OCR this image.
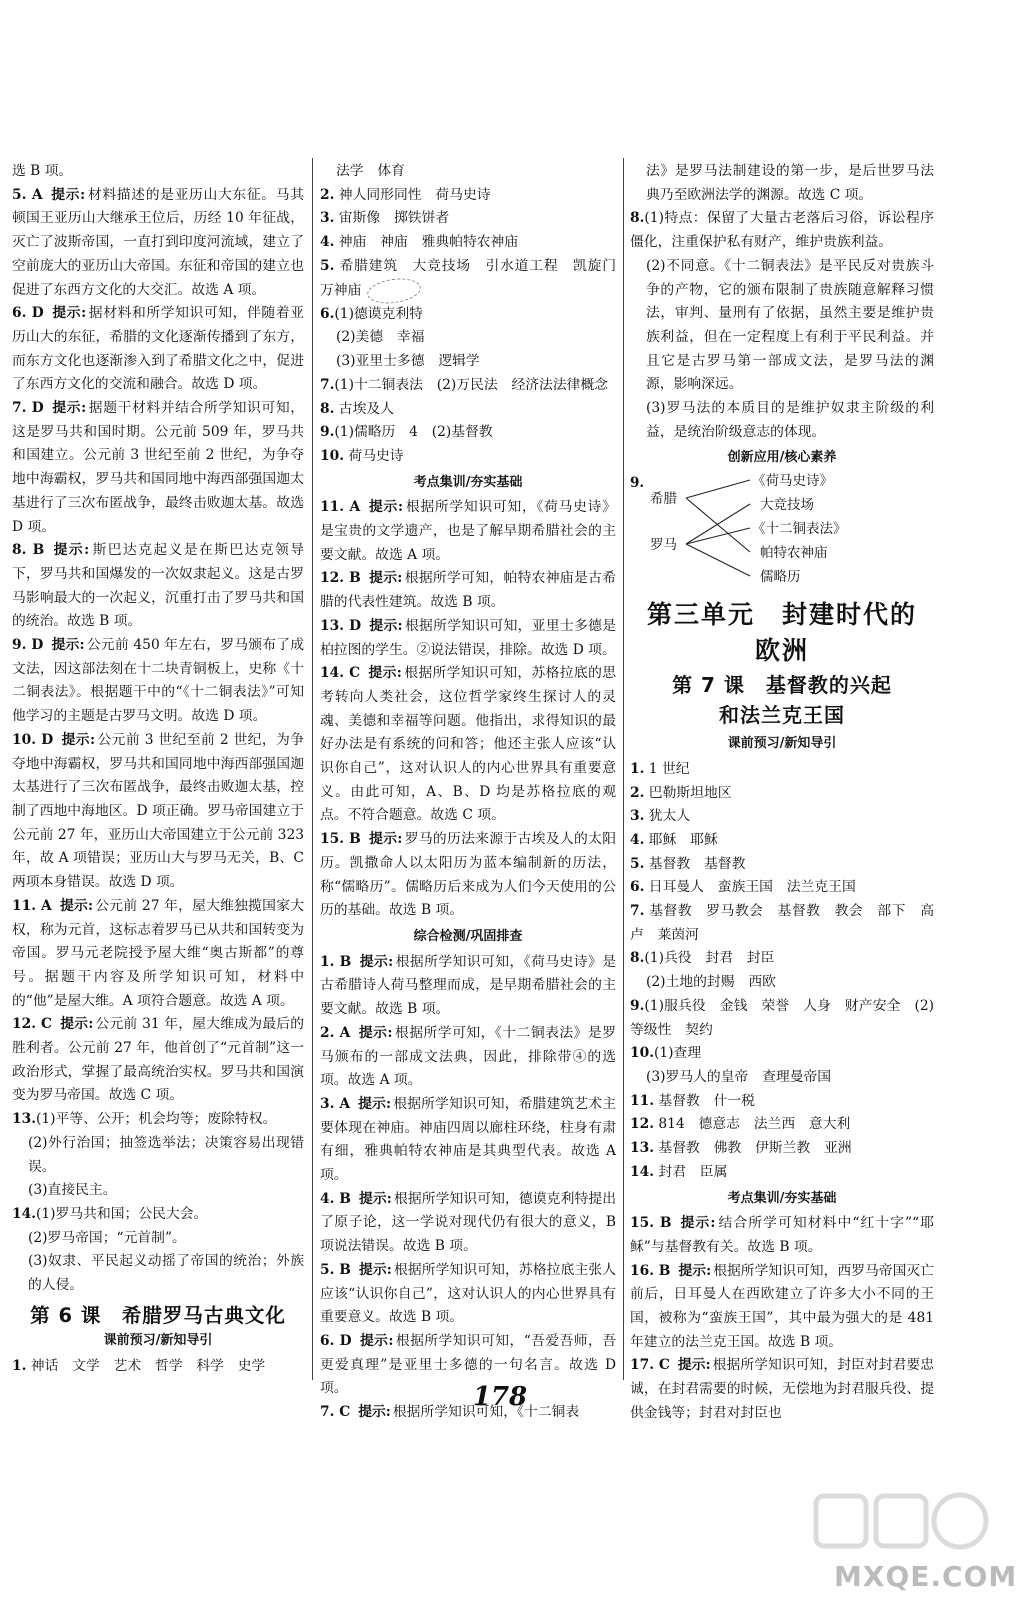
选 B 项。

5. A 提示: 材料描述的是亚历山大东征。马其顿国王亚历山大继承王位后，历经 10 年征战，灭亡了波斯帝国，一直打到印度河流域，建立了空前庞大的亚历山大帝国。东征和帝国的建立也促进了东西方文化的大交汇。故选 A 项。

6. D 提示: 据材料和所学知识可知，伴随着亚历山大的东征，希腊的文化逐渐传播到了东方，而东方文化也逐渐渗入到了希腊文化之中，促进了东西方文化的交流和融合。故选 D 项。

7. D 提示: 据题干材料并结合所学知识可知，这是罗马共和国时期。公元前 509 年，罗马共和国建立。公元前 3 世纪至前 2 世纪，为争夺地中海霸权，罗马共和国同地中海西部强国迦太基进行了三次布匿战争，最终击败迦太基。故选 D 项。

8. B 提示: 斯巴达克起义是在斯巴达克领导下，罗马共和国爆发的一次奴隶起义。这是古罗马影响最大的一次起义，沉重打击了罗马共和国的统治。故选 B 项。

9. D 提示: 公元前 450 年左右，罗马颁布了成文法，因这部法刻在十二块青铜板上，史称《十二铜表法》。根据题干中的“《十二铜表法》”可知他学习的主题是古罗马文明。故选 D 项。

10. D 提示: 公元前 3 世纪至前 2 世纪，为争夺地中海霸权，罗马共和国同地中海西部强国迦太基进行了三次布匿战争，最终击败迦太基，控制了西地中海地区。D 项正确。罗马帝国建立于公元前 27 年，亚历山大帝国建立于公元前 323 年，故 A 项错误；亚历山大与罗马无关，B、C 两项本身错误。故选 D 项。

11. A 提示: 公元前 27 年，屋大维独揽国家大权，称为元首，这标志着罗马已从共和国转变为帝国。罗马元老院授予屋大维“奥古斯都”的尊号。据题干内容及所学知识可知，材料中的“他”是屋大维。A 项符合题意。故选 A 项。

12. C 提示: 公元前 31 年，屋大维成为最后的胜利者。公元前 27 年，他首创了“元首制”这一政治形式，掌握了最高统治实权。罗马共和国演变为罗马帝国。故选 C 项。

13.(1)平等、公开；机会均等；废除特权。

(2)外行治国；抽签选举法；决策容易出现错误。

(3)直接民主。

14.(1)罗马共和国；公民大会。

(2)罗马帝国；“元首制”。

(3)奴隶、平民起义动摇了帝国的统治；外族的人侵。

第 6 课　希腊罗马古典文化
课前预习/新知导引

1. 神话　文学　艺术　哲学　科学　史学

法学　体育

2. 神人同形同性　荷马史诗

3. 宙斯像　掷铁饼者

4. 神庙　神庙　雅典帕特农神庙

5. 希腊建筑　大竞技场　引水道工程　凯旋门　万神庙

6.(1)德谟克利特

(2)美德　幸福

(3)亚里士多德　逻辑学

7.(1)十二铜表法　(2)万民法　经济法法律概念

8. 古埃及人

9.(1)儒略历　4　(2)基督教

10. 荷马史诗

考点集训/夯实基础

11. A 提示: 根据所学知识可知，《荷马史诗》是宝贵的文学遗产，也是了解早期希腊社会的主要文献。故选 A 项。

12. B 提示: 根据所学可知，帕特农神庙是古希腊的代表性建筑。故选 B 项。

13. D 提示: 根据所学知识可知，亚里士多德是柏拉图的学生。②说法错误，排除。故选 D 项。

14. C 提示: 根据所学知识可知，苏格拉底的思考转向人类社会，这位哲学家终生探讨人的灵魂、美德和幸福等问题。他指出，求得知识的最好办法是有系统的问和答；他还主张人应该“认识你自己”，这对认识人的内心世界具有重要意义。由此可知，A、B、D 均是苏格拉底的观点。不符合题意。故选 C 项。

15. B 提示: 罗马的历法来源于古埃及人的太阳历。凯撒命人以太阳历为蓝本编制新的历法，称“儒略历”。儒略历后来成为人们今天使用的公历的基础。故选 B 项。

综合检测/巩固排查

1. B 提示: 根据所学知识可知，《荷马史诗》是古希腊诗人荷马整理而成，是早期希腊社会的主要文献。故选 B 项。

2. A 提示: 根据所学可知，《十二铜表法》是罗马颁布的一部成文法典，因此，排除带④的选项。故选 A 项。

3. A 提示: 根据所学知识可知，希腊建筑艺术主要体现在神庙。神庙四周以廊柱环绕，柱身有肃有细，雅典帕特农神庙是其典型代表。故选 A 项。

4. B 提示: 根据所学知识可知，德谟克利特提出了原子论，这一学说对现代仍有很大的意义，B 项说法错误。故选 B 项。

5. B 提示: 根据所学知识可知，苏格拉底主张人应该“认识你自己”，这对认识人的内心世界具有重要意义。故选 B 项。

6. D 提示: 根据所学知识可知，“吾爱吾师，吾更爱真理”是亚里士多德的一句名言。故选 D 项。

7. C 提示: 根据所学知识可知，《十二铜表

法》是罗马法制建设的第一步，是后世罗马法典乃至欧洲法学的渊源。故选 C 项。

8.(1)特点：保留了大量古老落后习俗，诉讼程序僵化，注重保护私有财产，维护贵族利益。

(2)不同意。《十二铜表法》是平民反对贵族斗争的产物，它的颁布限制了贵族随意解释习惯法，审判、量刑有了依据，虽然主要是维护贵族利益，但在一定程度上有利于平民利益。并且它是古罗马第一部成文法，是罗马法的渊源，影响深远。

(3)罗马法的本质目的是维护奴隶主阶级的利益，是统治阶级意志的体现。

创新应用/核心素养
9.
希腊
罗马
《荷马史诗》
大竞技场
《十二铜表法》
帕特农神庙
儒略历
第三单元　封建时代的
欧洲
第 7 课　基督教的兴起
和法兰克王国
课前预习/新知导引

1. 1 世纪

2. 巴勒斯坦地区

3. 犹太人

4. 耶稣　耶稣

5. 基督教　基督教

6. 日耳曼人　蛮族王国　法兰克王国

7. 基督教　罗马教会　基督教　教会　部下　高卢　莱茵河

8.(1)兵役　封君　封臣

(2)土地的封赐　西欧

9.(1)服兵役　金钱　荣誉　人身　财产安全　(2)等级性　契约

10.(1)查理

(3)罗马人的皇帝　查理曼帝国

11. 基督教　什一税

12. 814　德意志　法兰西　意大利

13. 基督教　佛教　伊斯兰教　亚洲

14. 封君　臣属

考点集训/夯实基础

15. B 提示: 结合所学可知材料中“红十字”“耶稣”与基督教有关。故选 B 项。

16. B 提示: 根据所学知识可知，西罗马帝国灭亡前后，日耳曼人在西欧建立了许多大小不同的王国，被称为“蛮族王国”，其中最为强大的是 481 年建立的法兰克王国。故选 B 项。

17. C 提示: 根据所学知识可知，封臣对封君要忠诚，在封君需要的时候，无偿地为封君服兵役、提供金钱等；封君对封臣也

178
MXQE.COM
